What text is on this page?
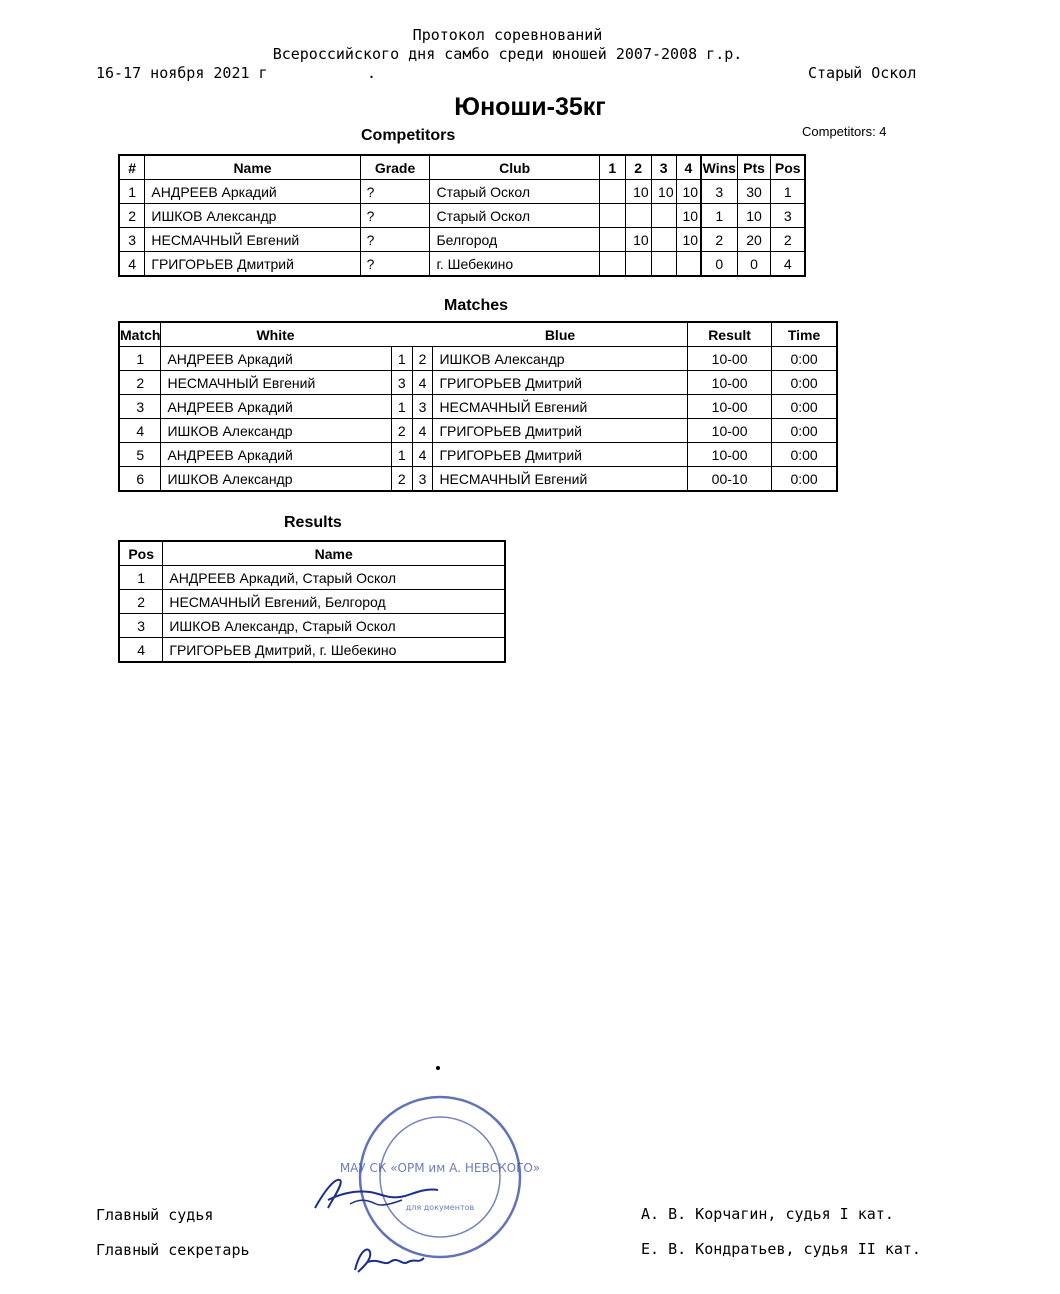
Протокол соревнований
Всероссийского дня самбо среди юношей 2007-2008 г.р.
16-17 ноября 2021 г	.	Старый Оскол
Юноши-35кг
Competitors	Competitors: 4
#	Name	Grade	Club	1	2	3	4	Wins	Pts	Pos
1	АНДРЕЕВ Аркадий	?	Старый Оскол		10	10	10	3	30	1
2	ИШКОВ Александр	?	Старый Оскол				10	1	10	3
3	НЕСМАЧНЫЙ Евгений	?	Белгород		10		10	2	20	2
4	ГРИГОРЬЕВ Дмитрий	?	г. Шебекино					0	0	4
Matches
Match	White			Blue	Result	Time
1	АНДРЕЕВ Аркадий	1	2	ИШКОВ Александр	10-00	0:00
2	НЕСМАЧНЫЙ Евгений	3	4	ГРИГОРЬЕВ Дмитрий	10-00	0:00
3	АНДРЕЕВ Аркадий	1	3	НЕСМАЧНЫЙ Евгений	10-00	0:00
4	ИШКОВ Александр	2	4	ГРИГОРЬЕВ Дмитрий	10-00	0:00
5	АНДРЕЕВ Аркадий	1	4	ГРИГОРЬЕВ Дмитрий	10-00	0:00
6	ИШКОВ Александр	2	3	НЕСМАЧНЫЙ Евгений	00-10	0:00
Results
Pos	Name
1	АНДРЕЕВ Аркадий, Старый Оскол
2	НЕСМАЧНЫЙ Евгений, Белгород
3	ИШКОВ Александр, Старый Оскол
4	ГРИГОРЬЕВ Дмитрий, г. Шебекино
МАУ СК «ОРМ им А. НЕВСКОГО»
для документов
Главный судья
Главный секретарь
А. В. Корчагин, судья I кат.
Е. В. Кондратьев, судья II кат.
